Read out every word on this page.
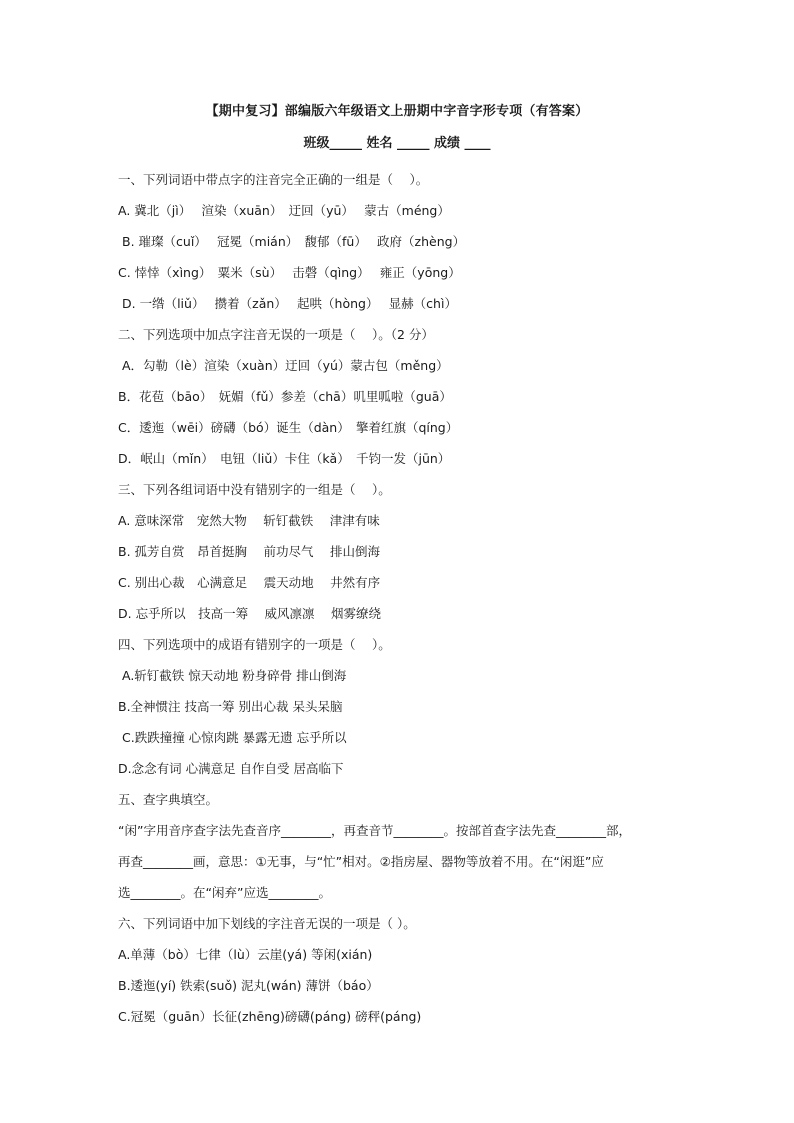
【期中复习】部编版六年级语文上册期中字音字形专项（有答案）
班级_____ 姓名 _____ 成绩 ____
一、下列词语中带点字的注音完全正确的一组是（　 ）。
A. 冀北（jì）　 渲染（xuān）　迂回（yū）　 蒙古（méng）
B. 璀璨（cuǐ）　 冠冕（mián）　馥郁（fū）　 政府（zhèng）
C. 悻悻（xìng）　粟米（sù）　 击磬（qìng）　 雍正（yōng）
D. 一绺（liǔ）　 攒着（zǎn）　 起哄（hòng）　 显赫（chì）
二、下列选项中加点字注音无误的一项是（　 ）。（2 分）
A．勾勒（lè）渲染（xuàn）迂回（yú）蒙古包（měng）
B．花苞（bāo）　妩媚（fǔ）参差（chā）叽里呱啦（guā）
C．逶迤（wēi）磅礴（bó）诞生（dàn）　擎着红旗（qíng）
D．岷山（mǐn）　电钮（liǔ）卡住（kǎ）　千钧一发（jūn）
三、下列各组词语中没有错别字的一组是（　 ）。
A. 意味深常　宠然大物　 斩钉截铁　 津津有味
B. 孤芳自赏　昂首挺胸　 前功尽气　 排山倒海
C. 别出心裁　心满意足　 震天动地　 井然有序
D. 忘乎所以　技高一筹　 威风凛凛　 烟雾缭绕
四、下列选项中的成语有错别字的一项是（　 ）。
A.斩钉截铁 惊天动地 粉身碎骨 排山倒海
B.全神惯注 技高一筹 别出心裁 呆头呆脑
C.跌跌撞撞 心惊肉跳 暴露无遗 忘乎所以
D.念念有词 心满意足 自作自受 居高临下
五、查字典填空。
“闲”字用音序查字法先查音序________，再查音节________。按部首查字法先查________部，
再查________画，意思：①无事，与“忙”相对。②指房屋、器物等放着不用。在“闲逛”应
选________。在“闲弃”应选________。
六、下列词语中加下划线的字注音无误的一项是（ ）。
A.单薄（bò）七律（lù）云崖(yá) 等闲(xián)
B.逶迤(yí) 铁索(suǒ) 泥丸(wán) 薄饼（báo）
C.冠冕（guān）长征(zhēng)磅礴(páng) 磅秤(páng)
